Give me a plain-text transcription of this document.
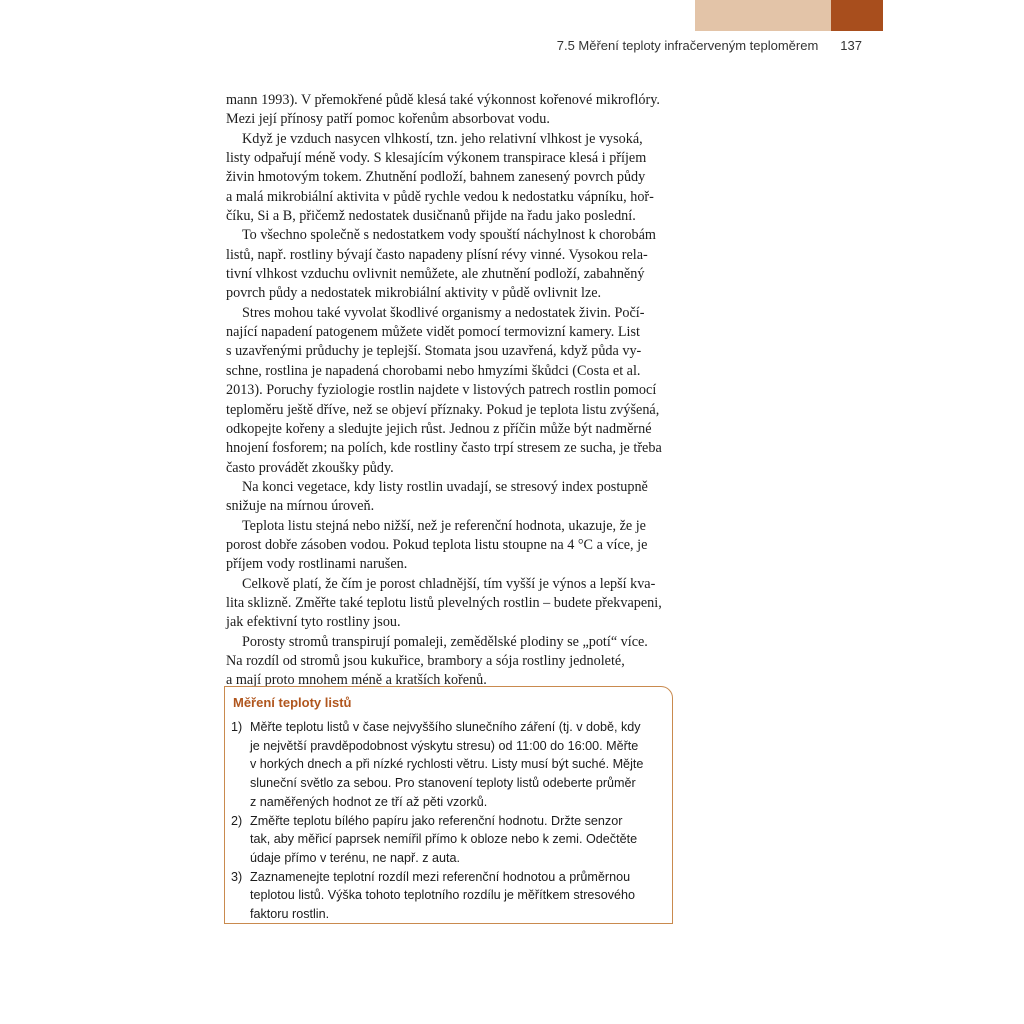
7.5 Měření teploty infračerveným teploměrem 137
mann 1993). V přemokřené půdě klesá také výkonnost kořenové mikroflóry.
Mezi její přínosy patří pomoc kořenům absorbovat vodu.
Když je vzduch nasycen vlhkostí, tzn. jeho relativní vlhkost je vysoká,
listy odpařují méně vody. S klesajícím výkonem transpirace klesá i příjem
živin hmotovým tokem. Zhutnění podloží, bahnem zanesený povrch půdy
a malá mikrobiální aktivita v půdě rychle vedou k nedostatku vápníku, hoř-
číku, Si a B, přičemž nedostatek dusičnanů přijde na řadu jako poslední.
To všechno společně s nedostatkem vody spouští náchylnost k chorobám
listů, např. rostliny bývají často napadeny plísní révy vinné. Vysokou rela-
tivní vlhkost vzduchu ovlivnit nemůžete, ale zhutnění podloží, zabahněný
povrch půdy a nedostatek mikrobiální aktivity v půdě ovlivnit lze.
Stres mohou také vyvolat škodlivé organismy a nedostatek živin. Počí-
nající napadení patogenem můžete vidět pomocí termovizní kamery. List
s uzavřenými průduchy je teplejší. Stomata jsou uzavřená, když půda vy-
schne, rostlina je napadená chorobami nebo hmyzími škůdci (Costa et al.
2013). Poruchy fyziologie rostlin najdete v listových patrech rostlin pomocí
teploměru ještě dříve, než se objeví příznaky. Pokud je teplota listu zvýšená,
odkopejte kořeny a sledujte jejich růst. Jednou z příčin může být nadměrné
hnojení fosforem; na polích, kde rostliny často trpí stresem ze sucha, je třeba
často provádět zkoušky půdy.
Na konci vegetace, kdy listy rostlin uvadají, se stresový index postupně
snižuje na mírnou úroveň.
Teplota listu stejná nebo nižší, než je referenční hodnota, ukazuje, že je
porost dobře zásoben vodou. Pokud teplota listu stoupne na 4 °C a více, je
příjem vody rostlinami narušen.
Celkově platí, že čím je porost chladnější, tím vyšší je výnos a lepší kva-
lita sklizně. Změřte také teplotu listů plevelných rostlin – budete překvapeni,
jak efektivní tyto rostliny jsou.
Porosty stromů transpirují pomaleji, zemědělské plodiny se „potí“ více.
Na rozdíl od stromů jsou kukuřice, brambory a sója rostliny jednoleté,
a mají proto mnohem méně a kratších kořenů.
Měření teploty listů
1) Měřte teplotu listů v čase nejvyššího slunečního záření (tj. v době, kdy
je největší pravděpodobnost výskytu stresu) od 11:00 do 16:00. Měřte
v horkých dnech a při nízké rychlosti větru. Listy musí být suché. Mějte
sluneční světlo za sebou. Pro stanovení teploty listů odeberte průměr
z naměřených hodnot ze tří až pěti vzorků.
2) Změřte teplotu bílého papíru jako referenční hodnotu. Držte senzor
tak, aby měřicí paprsek nemířil přímo k obloze nebo k zemi. Odečtěte
údaje přímo v terénu, ne např. z auta.
3) Zaznamenejte teplotní rozdíl mezi referenční hodnotou a průměrnou
teplotou listů. Výška tohoto teplotního rozdílu je měřítkem stresového
faktoru rostlin.
